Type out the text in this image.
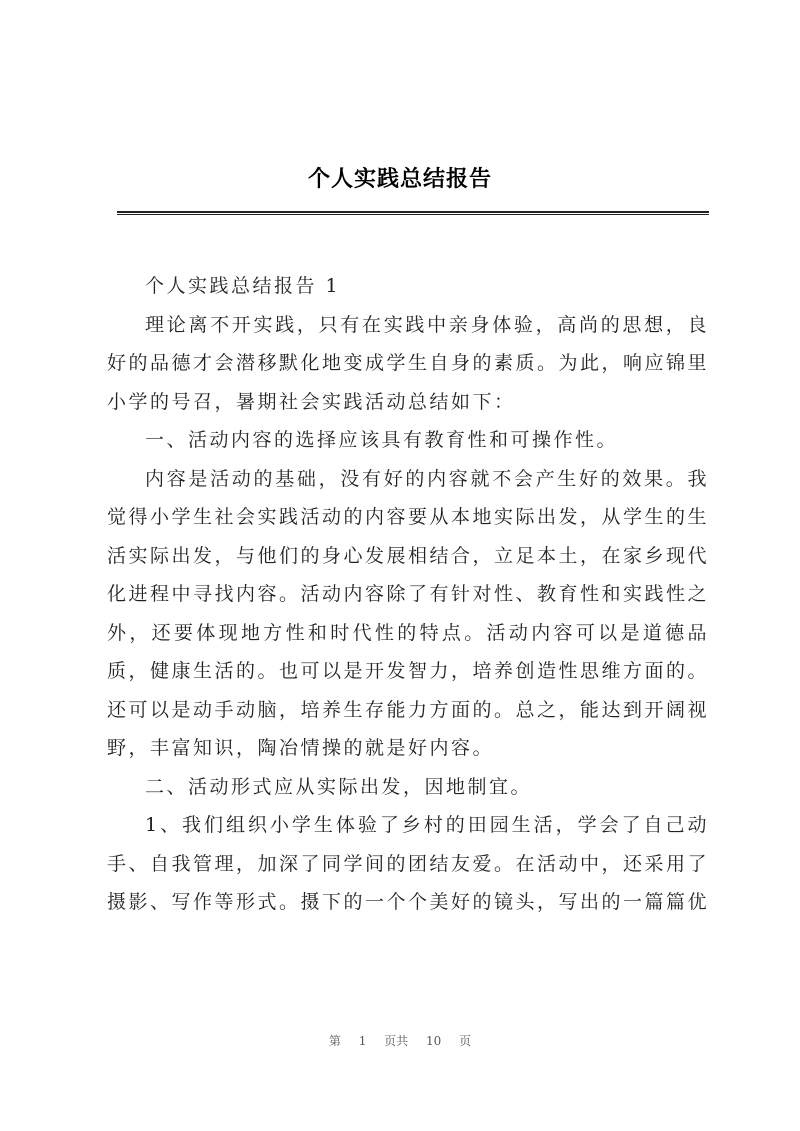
个人实践总结报告

个人实践总结报告 1

理论离不开实践，只有在实践中亲身体验，高尚的思想，良好的品德才会潜移默化地变成学生自身的素质。为此，响应锦里小学的号召，暑期社会实践活动总结如下：

一、活动内容的选择应该具有教育性和可操作性。

内容是活动的基础，没有好的内容就不会产生好的效果。我觉得小学生社会实践活动的内容要从本地实际出发，从学生的生活实际出发，与他们的身心发展相结合，立足本土，在家乡现代化进程中寻找内容。活动内容除了有针对性、教育性和实践性之外，还要体现地方性和时代性的特点。活动内容可以是道德品质，健康生活的。也可以是开发智力，培养创造性思维方面的。还可以是动手动脑，培养生存能力方面的。总之，能达到开阔视野，丰富知识，陶冶情操的就是好内容。

二、活动形式应从实际出发，因地制宜。

1、我们组织小学生体验了乡村的田园生活，学会了自己动手、自我管理，加深了同学间的团结友爱。在活动中，还采用了摄影、写作等形式。摄下的一个个美好的镜头，写出的一篇篇优

第 1 页共 10 页
